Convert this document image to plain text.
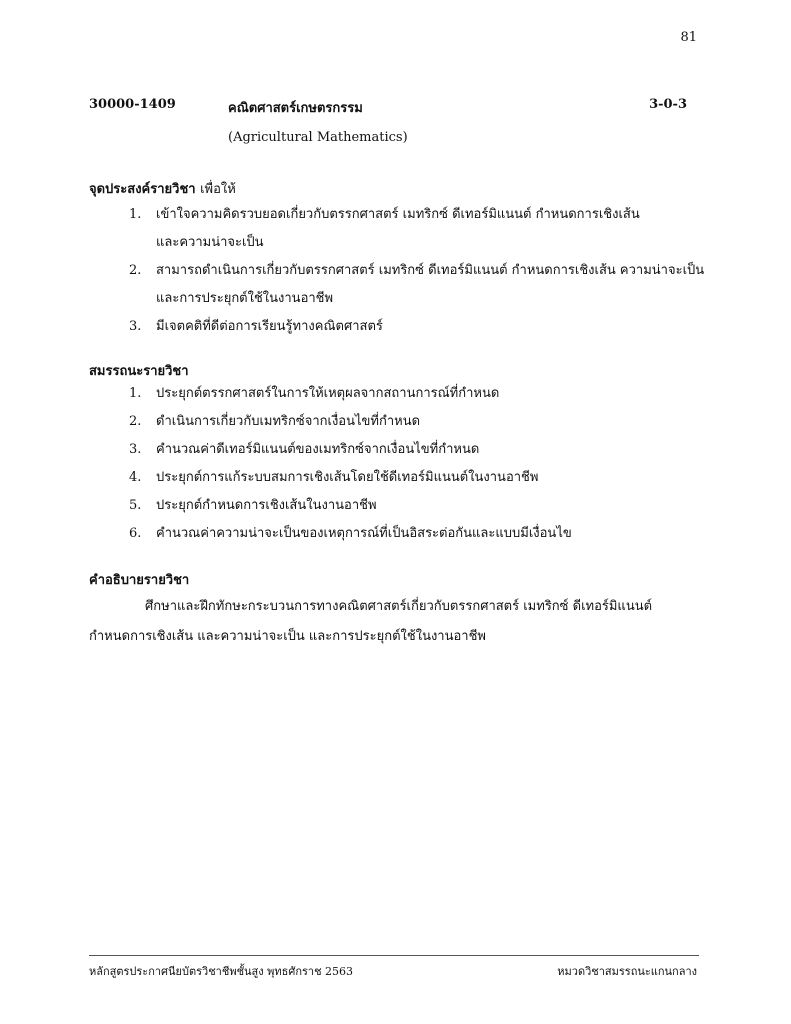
81
30000-1409	คณิตศาสตร์เกษตรกรรม	3-0-3
(Agricultural Mathematics)
จุดประสงค์รายวิชา เพื่อให้
1.	เข้าใจความคิดรวบยอดเกี่ยวกับตรรกศาสตร์ เมทริกซ์ ดีเทอร์มิแนนต์ กำหนดการเชิงเส้น
และความน่าจะเป็น
2.	สามารถดำเนินการเกี่ยวกับตรรกศาสตร์ เมทริกซ์ ดีเทอร์มิแนนต์ กำหนดการเชิงเส้น ความน่าจะเป็น
และการประยุกต์ใช้ในงานอาชีพ
3.	มีเจตคติที่ดีต่อการเรียนรู้ทางคณิตศาสตร์
สมรรถนะรายวิชา
1.	ประยุกต์ตรรกศาสตร์ในการให้เหตุผลจากสถานการณ์ที่กำหนด
2.	ดำเนินการเกี่ยวกับเมทริกซ์จากเงื่อนไขที่กำหนด
3.	คำนวณค่าดีเทอร์มิแนนต์ของเมทริกซ์จากเงื่อนไขที่กำหนด
4.	ประยุกต์การแก้ระบบสมการเชิงเส้นโดยใช้ดีเทอร์มิแนนต์ในงานอาชีพ
5.	ประยุกต์กำหนดการเชิงเส้นในงานอาชีพ
6.	คำนวณค่าความน่าจะเป็นของเหตุการณ์ที่เป็นอิสระต่อกันและแบบมีเงื่อนไข
คำอธิบายรายวิชา
ศึกษาและฝึกทักษะกระบวนการทางคณิตศาสตร์เกี่ยวกับตรรกศาสตร์ เมทริกซ์ ดีเทอร์มิแนนต์
กำหนดการเชิงเส้น และความน่าจะเป็น และการประยุกต์ใช้ในงานอาชีพ
หลักสูตรประกาศนียบัตรวิชาชีพชั้นสูง พุทธศักราช 2563	หมวดวิชาสมรรถนะแกนกลาง
